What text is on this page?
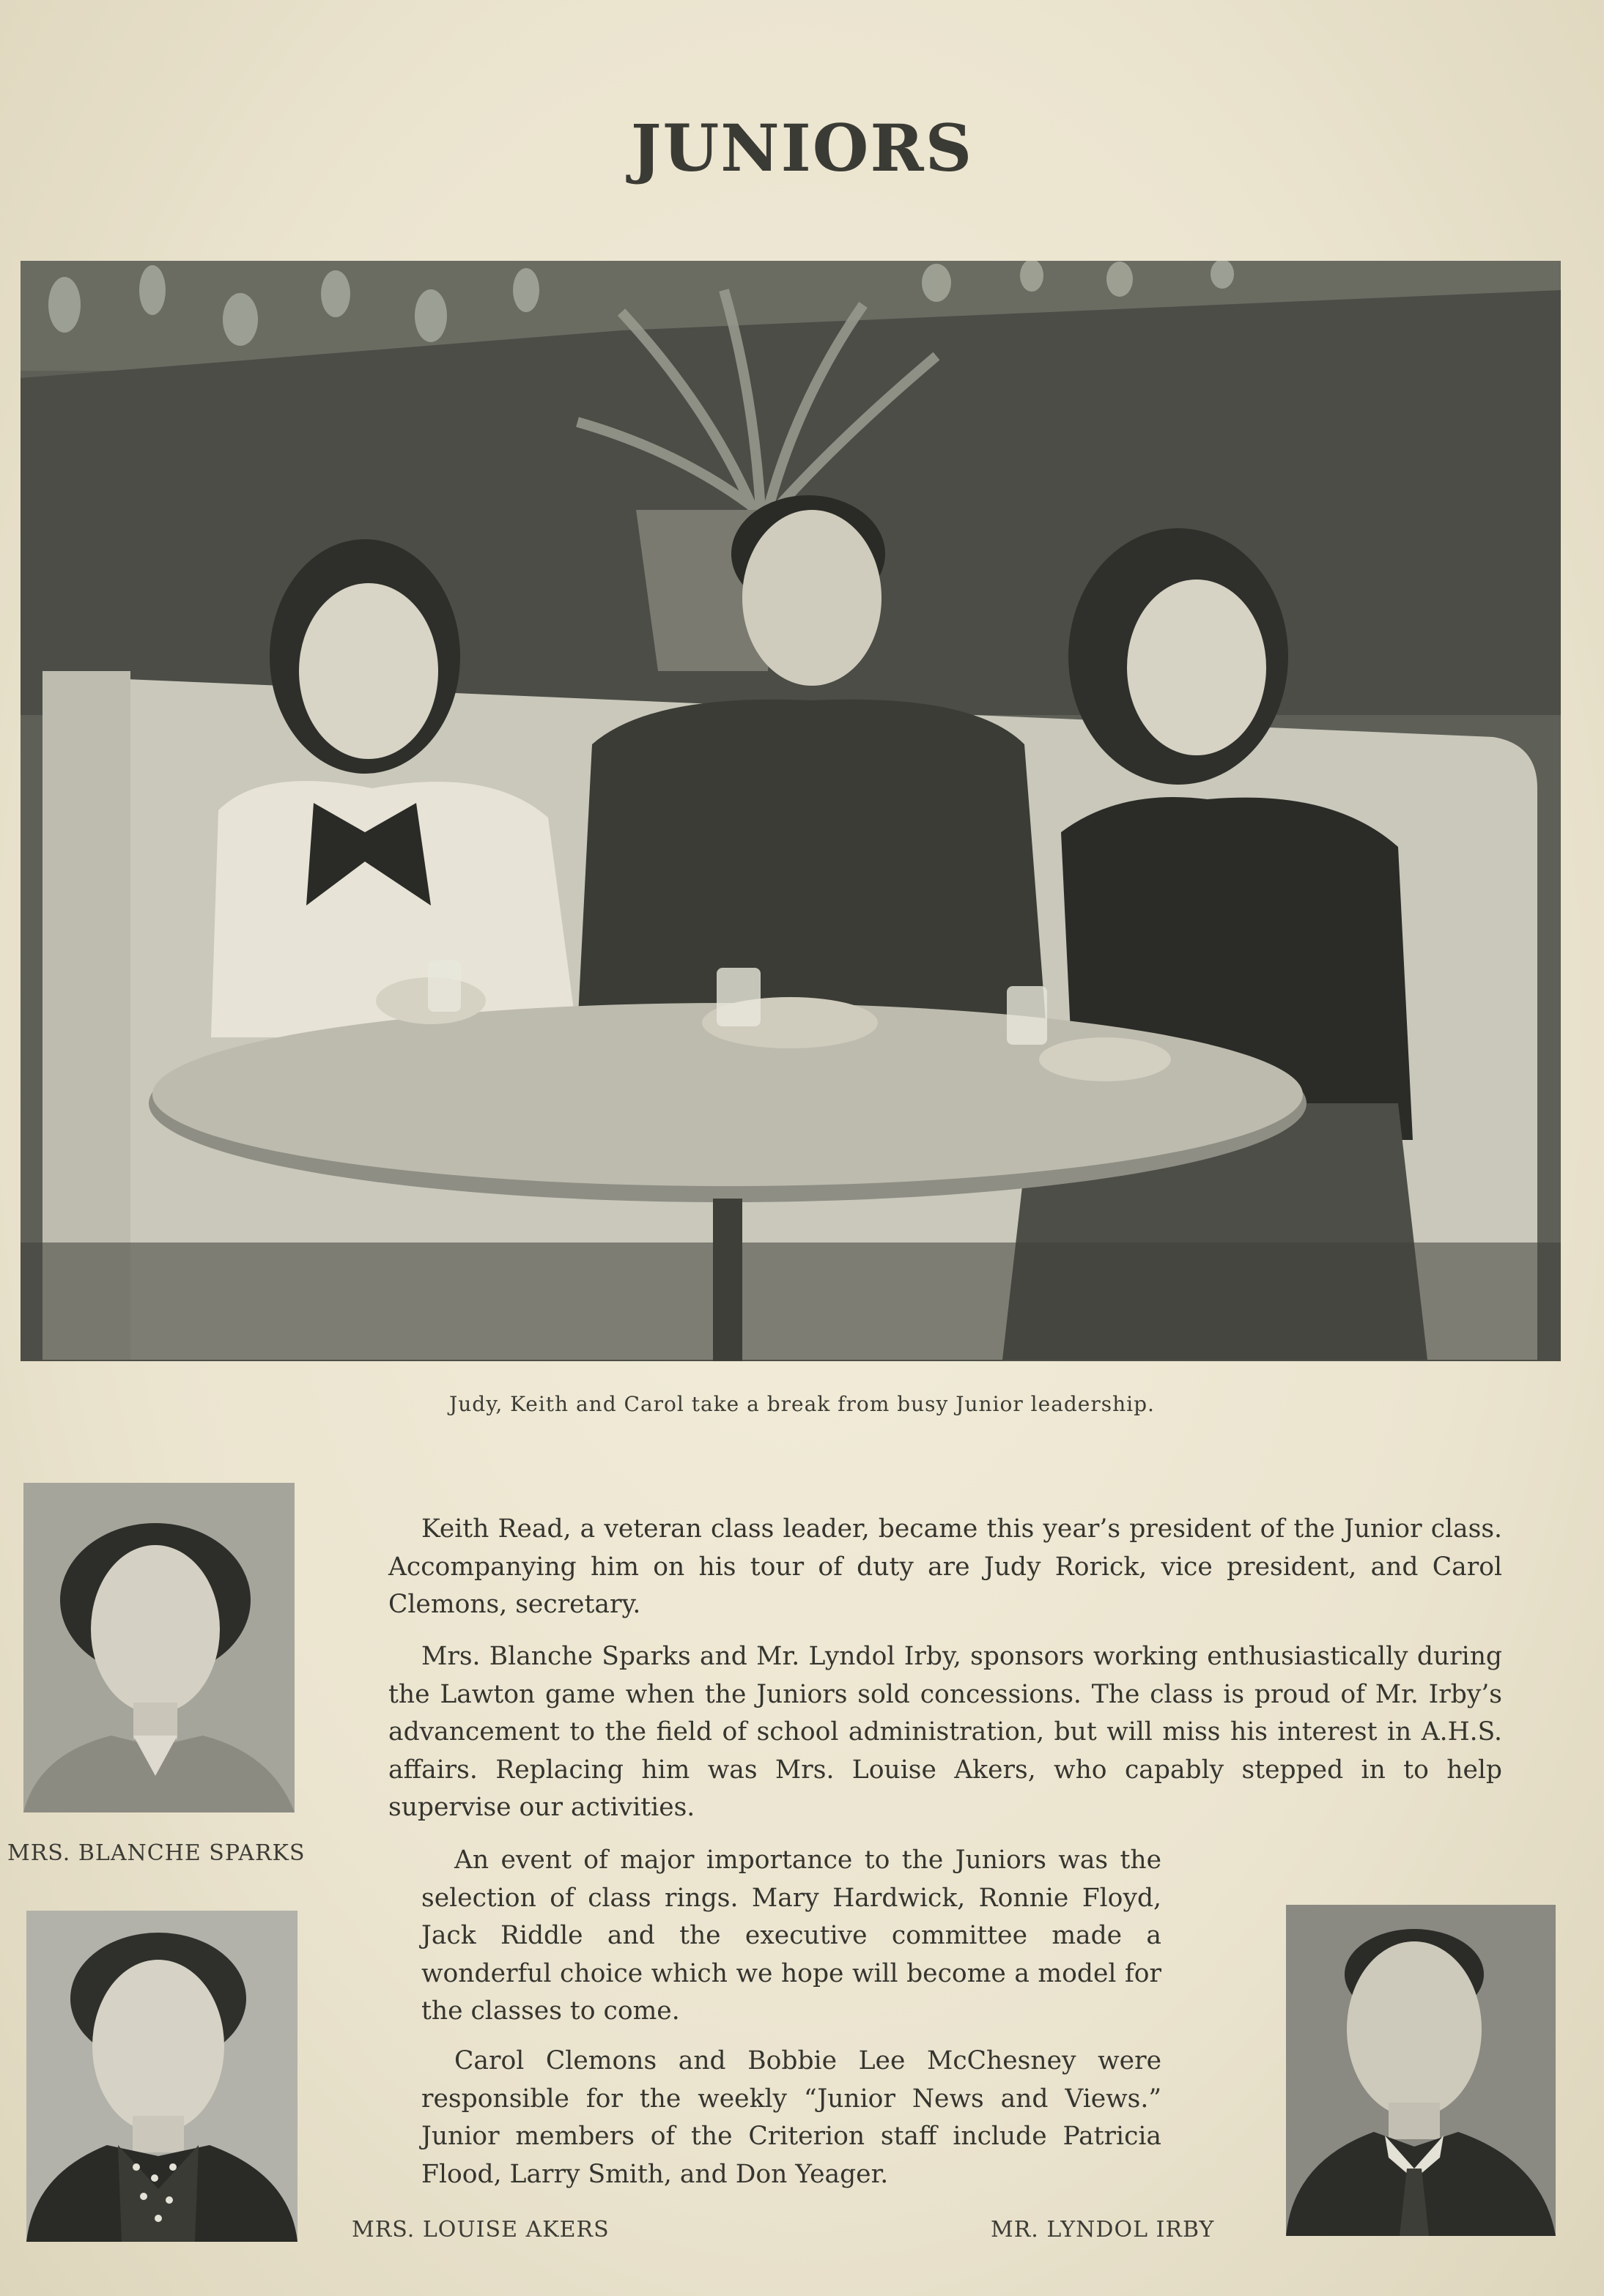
JUNIORS

Judy, Keith and Carol take a break from busy Junior leadership.

MRS. BLANCHE SPARKS
MRS. LOUISE AKERS	MR. LYNDOL IRBY

Keith Read, a veteran class leader, became this year’s president of the Junior class. Accompanying him on his tour of duty are Judy Rorick, vice president, and Carol Clemons, secretary.

Mrs. Blanche Sparks and Mr. Lyndol Irby, sponsors working enthusiastically during the Lawton game when the Juniors sold concessions. The class is proud of Mr. Irby’s advancement to the field of school administration, but will miss his interest in A.H.S. affairs. Replacing him was Mrs. Louise Akers, who capably stepped in to help supervise our activities.

An event of major importance to the Juniors was the selection of class rings. Mary Hardwick, Ronnie Floyd, Jack Riddle and the executive committee made a wonderful choice which we hope will become a model for the classes to come.

Carol Clemons and Bobbie Lee McChesney were responsible for the weekly “Junior News and Views.” Junior members of the Criterion staff include Patricia Flood, Larry Smith, and Don Yeager.
